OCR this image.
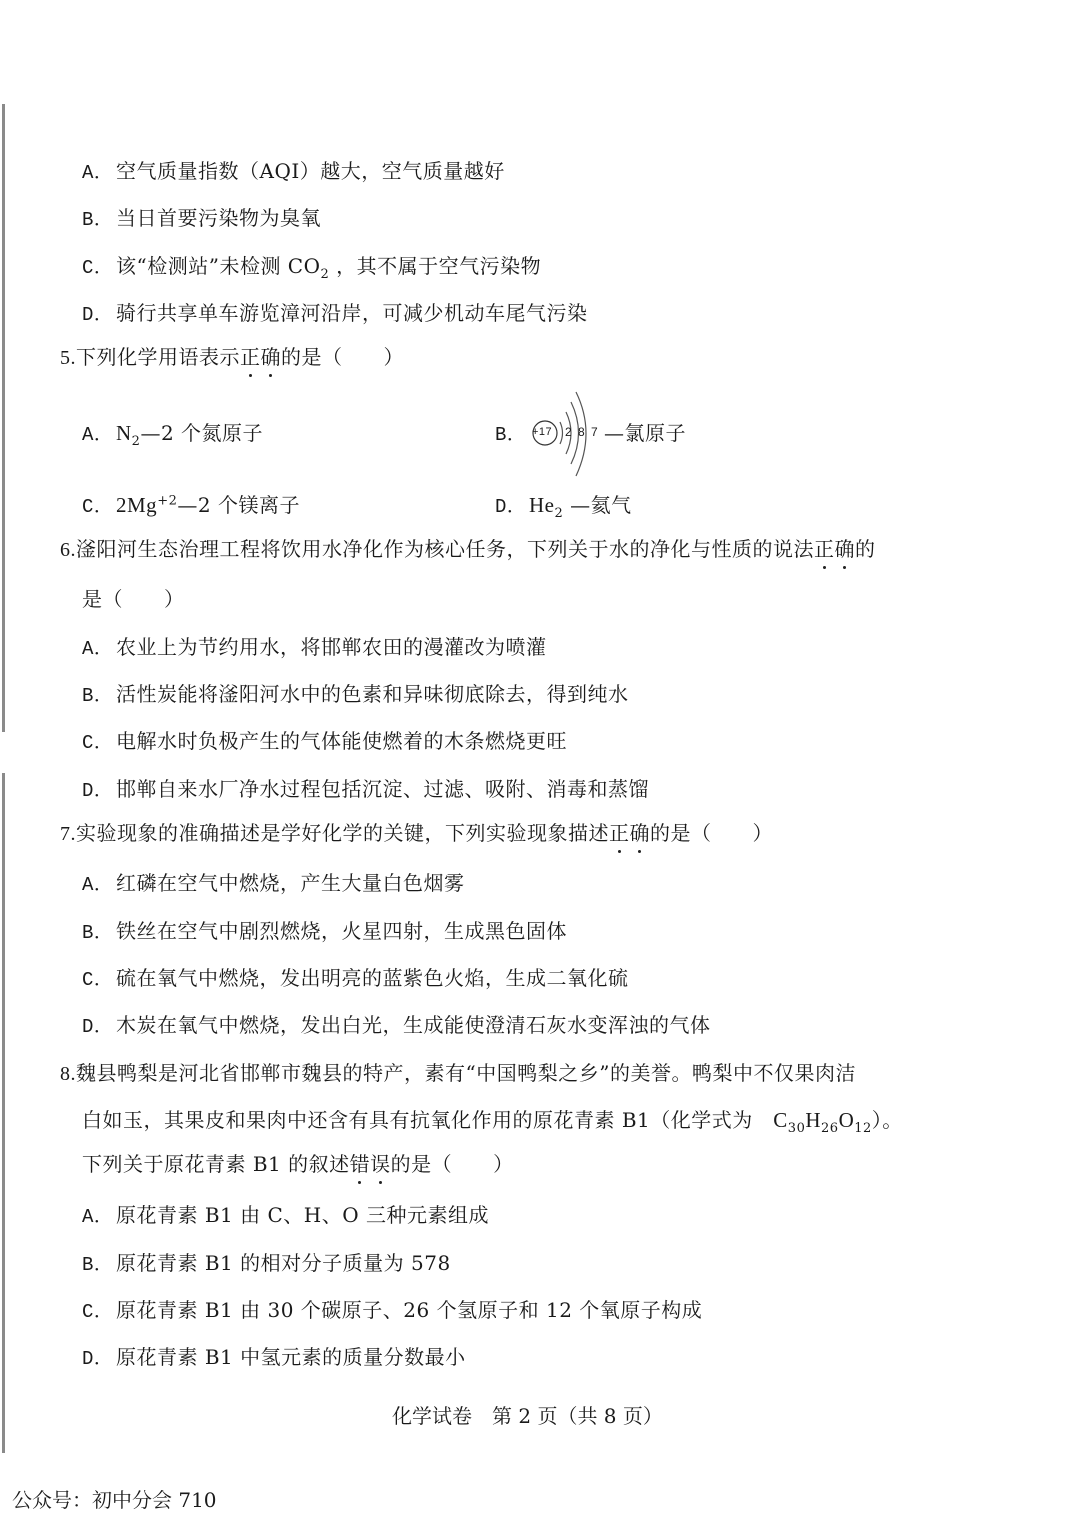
A． 空气质量指数（AQI）越大，空气质量越好
B． 当日首要污染物为臭氧
C． 该“检测站”未检测 $CO_2$ ，其不属于空气污染物
D． 骑行共享单车游览漳河沿岸，可减少机动车尾气污染
5.下列化学用语表示正确的是（　　）
A． $N_2—2$ 个氮原子	B． +17 2 8 7 —氯原子
C． $2Mg^{+2}—2$ 个镁离子	D． $He_2$ —氦气
6.滏阳河生态治理工程将饮用水净化作为核心任务，下列关于水的净化与性质的说法正确的
是（　　）
A． 农业上为节约用水，将邯郸农田的漫灌改为喷灌
B． 活性炭能将滏阳河水中的色素和异味彻底除去，得到纯水
C． 电解水时负极产生的气体能使燃着的木条燃烧更旺
D． 邯郸自来水厂净水过程包括沉淀、过滤、吸附、消毒和蒸馏
7.实验现象的准确描述是学好化学的关键，下列实验现象描述正确的是（　　）
A． 红磷在空气中燃烧，产生大量白色烟雾
B． 铁丝在空气中剧烈燃烧，火星四射，生成黑色固体
C． 硫在氧气中燃烧，发出明亮的蓝紫色火焰，生成二氧化硫
D． 木炭在氧气中燃烧，发出白光，生成能使澄清石灰水变浑浊的气体
8.魏县鸭梨是河北省邯郸市魏县的特产，素有“中国鸭梨之乡”的美誉。鸭梨中不仅果肉洁
白如玉，其果皮和果肉中还含有具有抗氧化作用的原花青素 B1（化学式为　$C_{30}H_{26}O_{12}$）。
下列关于原花青素 B1 的叙述错误的是（　　）
A． 原花青素 B1 由 C、H、O 三种元素组成
B． 原花青素 B1 的相对分子质量为 578
C． 原花青素 B1 由 30 个碳原子、26 个氢原子和 12 个氧原子构成
D． 原花青素 B1 中氢元素的质量分数最小
化学试卷　第 2 页（共 8 页）
公众号：初中分会 710
